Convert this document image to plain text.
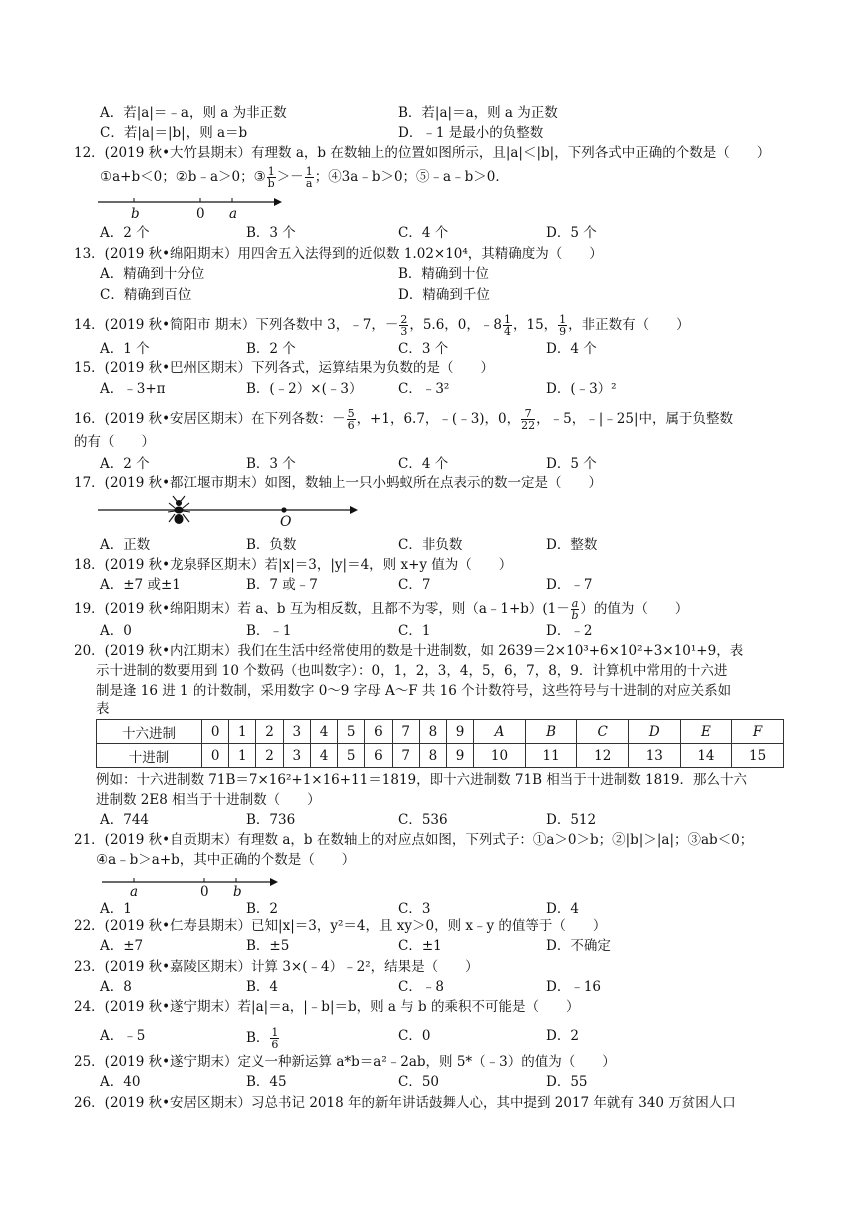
A．若|a|＝﹣a，则 a 为非正数	B．若|a|＝a，则 a 为正数
C．若|a|＝|b|，则 a＝b	D．﹣1 是最小的负整数
12．(2019 秋•大竹县期末）有理数 a，b 在数轴上的位置如图所示，且|a|＜|b|，下列各式中正确的个数是（　　）
①a+b＜0；②b﹣a＞0；③ $\frac{1}{b} >- \frac{1}{a}$ ；④3a﹣b＞0；⑤﹣a﹣b＞0．
b	0 a
A．2 个	B．3 个	C．4 个	D．5 个
13．(2019 秋•绵阳期末）用四舍五入法得到的近似数 1.02×10⁴，其精确度为（　　）
A．精确到十分位	B．精确到十位
C．精确到百位	D．精确到千位
14．(2019 秋•简阳市 期末）下列各数中 3，﹣7，－ $\frac{2}{3}$ ，5.6，0，﹣8 $\frac{1}{4}$ ，15， $\frac{1}{9}$ ，非正数有（　　）
A．1 个	B．2 个	C．3 个	D．4 个
15．(2019 秋•巴州区期末）下列各式，运算结果为负数的是（　　）
A．﹣3+π	B．(﹣2）×(﹣3）	C．﹣3²	D．(﹣3）²
16．(2019 秋•安居区期末）在下列各数：－ $\frac{5}{6}$ ，+1，6.7，﹣(﹣3)，0， $\frac{7}{22}$ ，﹣5，﹣|﹣25|中，属于负整数
的有（　　）
A．2 个	B．3 个	C．4 个	D．5 个
17．(2019 秋•都江堰市期末）如图，数轴上一只小蚂蚁所在点表示的数一定是（　　）
O
A．正数	B．负数	C．非负数	D．整数
18．(2019 秋•龙泉驿区期末）若|x|＝3，|y|＝4，则 x+y 值为（　　）
A．±7 或±1	B．7 或﹣7	C．7	D．﹣7
19．(2019 秋•绵阳期末）若 a、b 互为相反数，且都不为零，则（a﹣1+b）(1－ $\frac{a}{b}$ ）的值为（　　）
A．0	B．﹣1	C．1	D．﹣2
20．(2019 秋•内江期末）我们在生活中经常使用的数是十进制数，如 2639＝2×10³+6×10²+3×10¹+9，表
示十进制的数要用到 10 个数码（也叫数字）：0，1，2，3，4，5，6，7，8，9．计算机中常用的十六进
制是逢 16 进 1 的计数制，采用数字 0～9 字母 A～F 共 16 个计数符号，这些符号与十进制的对应关系如
表
十六进制	0	1	2	3	4	5	6	7	8	9	A	B	C	D	E	F
十进制	0	1	2	3	4	5	6	7	8	9	10	11	12	13	14	15
例如：十六进制数 71B＝7×16²+1×16+11＝1819，即十六进制数 71B 相当于十进制数 1819．那么十六
进制数 2E8 相当于十进制数（　　）
A．744	B．736	C．536	D．512
21．(2019 秋•自贡期末）有理数 a，b 在数轴上的对应点如图，下列式子：①a＞0＞b；②|b|＞|a|；③ab＜0；
④a﹣b＞a+b，其中正确的个数是（　　）
a	0 b
A．1	B．2	C．3	D．4
22．(2019 秋•仁寿县期末）已知|x|＝3，y²＝4，且 xy＞0，则 x﹣y 的值等于（　　）
A．±7	B．±5	C．±1	D．不确定
23．(2019 秋•嘉陵区期末）计算 3×(﹣4）﹣2²，结果是（　　）
A．8	B．4	C．﹣8	D．﹣16
24．(2019 秋•遂宁期末）若|a|＝a，|﹣b|＝b，则 a 与 b 的乘积不可能是（　　）
A．﹣5	B． $\frac{1}{6}$	C．0	D．2
25．(2019 秋•遂宁期末）定义一种新运算 a*b＝a²﹣2ab，则 5*（﹣3）的值为（　　）
A．40	B．45	C．50	D．55
26．(2019 秋•安居区期末）习总书记 2018 年的新年讲话鼓舞人心，其中提到 2017 年就有 340 万贫困人口
